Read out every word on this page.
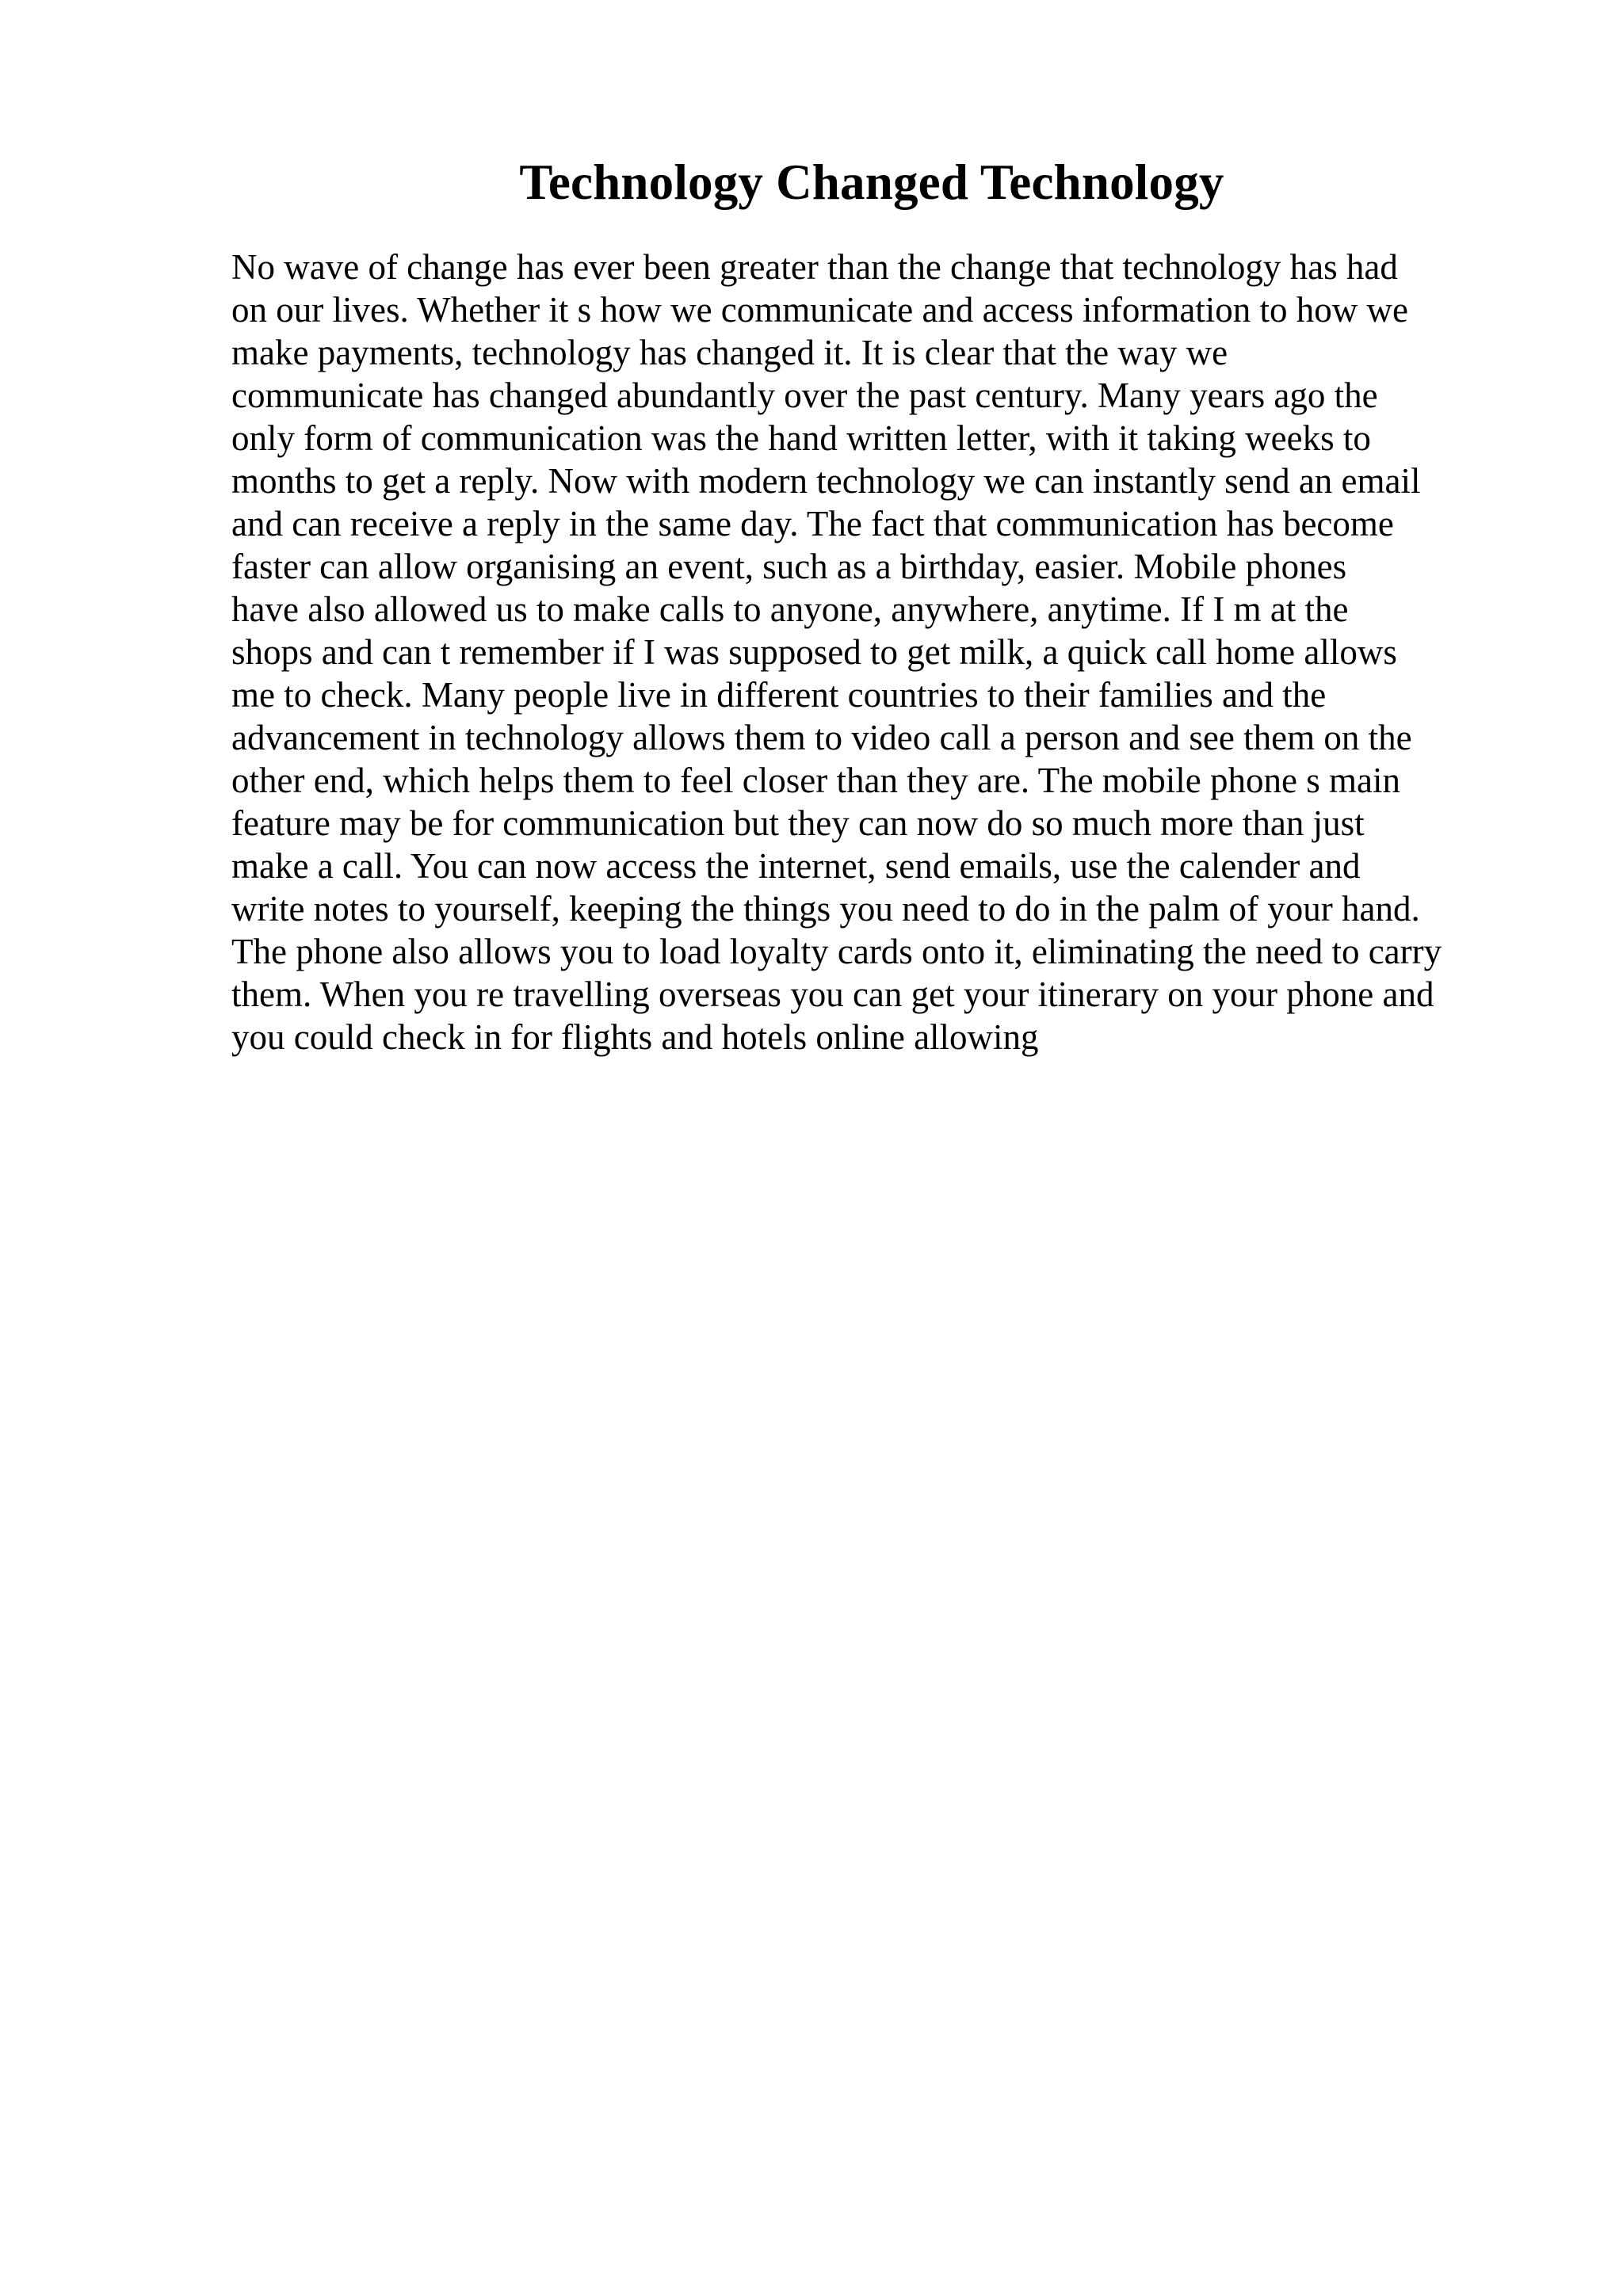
Technology Changed Technology
No wave of change has ever been greater than the change that technology has had
on our lives. Whether it s how we communicate and access information to how we
make payments, technology has changed it. It is clear that the way we
communicate has changed abundantly over the past century. Many years ago the
only form of communication was the hand written letter, with it taking weeks to
months to get a reply. Now with modern technology we can instantly send an email
and can receive a reply in the same day. The fact that communication has become
faster can allow organising an event, such as a birthday, easier. Mobile phones
have also allowed us to make calls to anyone, anywhere, anytime. If I m at the
shops and can t remember if I was supposed to get milk, a quick call home allows
me to check. Many people live in different countries to their families and the
advancement in technology allows them to video call a person and see them on the
other end, which helps them to feel closer than they are. The mobile phone s main
feature may be for communication but they can now do so much more than just
make a call. You can now access the internet, send emails, use the calender and
write notes to yourself, keeping the things you need to do in the palm of your hand.
The phone also allows you to load loyalty cards onto it, eliminating the need to carry
them. When you re travelling overseas you can get your itinerary on your phone and
you could check in for flights and hotels online allowing
